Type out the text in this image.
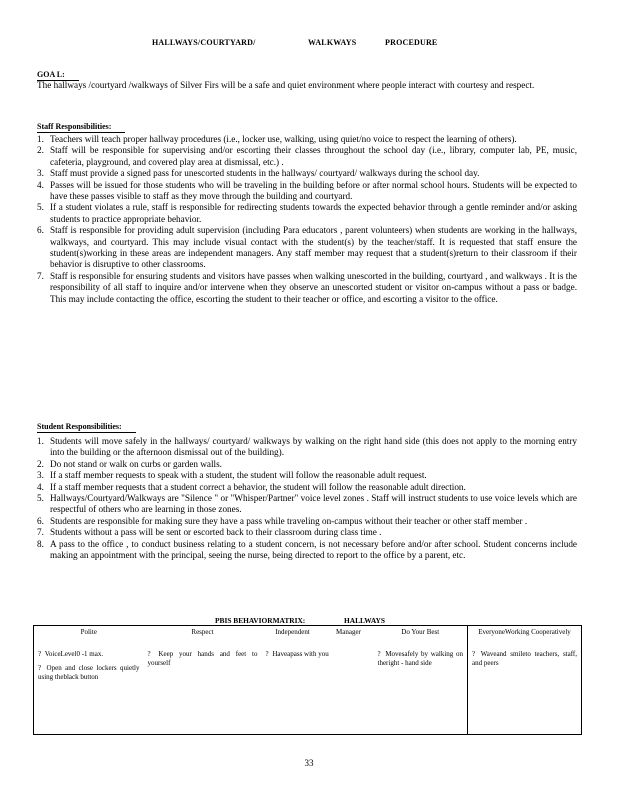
HALLWAYS/COURTYARD/	WALKWAYS	PROCEDURE
GOA L:
The hallways /courtyard /walkways of Silver Firs will be a safe and quiet environment where people interact with courtesy and respect.
Staff Responsibilities:
1. Teachers will teach proper hallway procedures (i.e., locker use, walking, using quiet/no voice to respect the learning of others).
2. Staff will be responsible for supervising and/or escorting their classes throughout the school day (i.e., library, computer lab, PE, music, cafeteria, playground, and covered play area at dismissal, etc.) .
3. Staff must provide a signed pass for unescorted students in the hallways/ courtyard/ walkways during the school day.
4. Passes will be issued for those students who will be traveling in the building before or after normal school hours. Students will be expected to have these passes visible to staff as they move through the building and courtyard.
5. If a student violates a rule, staff is responsible for redirecting students towards the expected behavior through a gentle reminder and/or asking students to practice appropriate behavior.
6. Staff is responsible for providing adult supervision (including Para educators , parent volunteers) when students are working in the hallways, walkways, and courtyard. This may include visual contact with the student(s) by the teacher/staff. It is requested that staff ensure the student(s)working in these areas are independent managers. Any staff member may request that a student(s)return to their classroom if their behavior is disruptive to other classrooms.
7. Staff is responsible for ensuring students and visitors have passes when walking unescorted in the building, courtyard , and walkways . It is the responsibility of all staff to inquire and/or intervene when they observe an unescorted student or visitor on-campus without a pass or badge. This may include contacting the office, escorting the student to their teacher or office, and escorting a visitor to the office.
Student Responsibilities:
1. Students will move safely in the hallways/ courtyard/ walkways by walking on the right hand side (this does not apply to the morning entry into the building or the afternoon dismissal out of the building).
2. Do not stand or walk on curbs or garden walls.
3. If a staff member requests to speak with a student, the student will follow the reasonable adult request.
4. If a staff member requests that a student correct a behavior, the student will follow the reasonable adult direction.
5. Hallways/Courtyard/Walkways are "Silence " or "Whisper/Partner" voice level zones . Staff will instruct students to use voice levels which are respectful of others who are learning in those zones.
6. Students are responsible for making sure they have a pass while traveling on-campus without their teacher or other staff member .
7. Students without a pass will be sent or escorted back to their classroom during class time .
8. A pass to the office , to conduct business relating to a student concern, is not necessary before and/or after school. Student concerns include making an appointment with the principal, seeing the nurse, being directed to report to the office by a parent, etc.
PBIS BEHAVIORMATRIX:	HALLWAYS
Polite	Respect	Independent	Manager	Do Your Best	EveryoneWorking Cooperatively

? VoiceLevel0 -1 max.
? Open and close lockers quietly using theblack button	? Keep your hands and feet to yourself	? Haveapass with you		? Movesafely by walking on theright - hand side	? Waveand smileto teachers, staff, and peers
33
